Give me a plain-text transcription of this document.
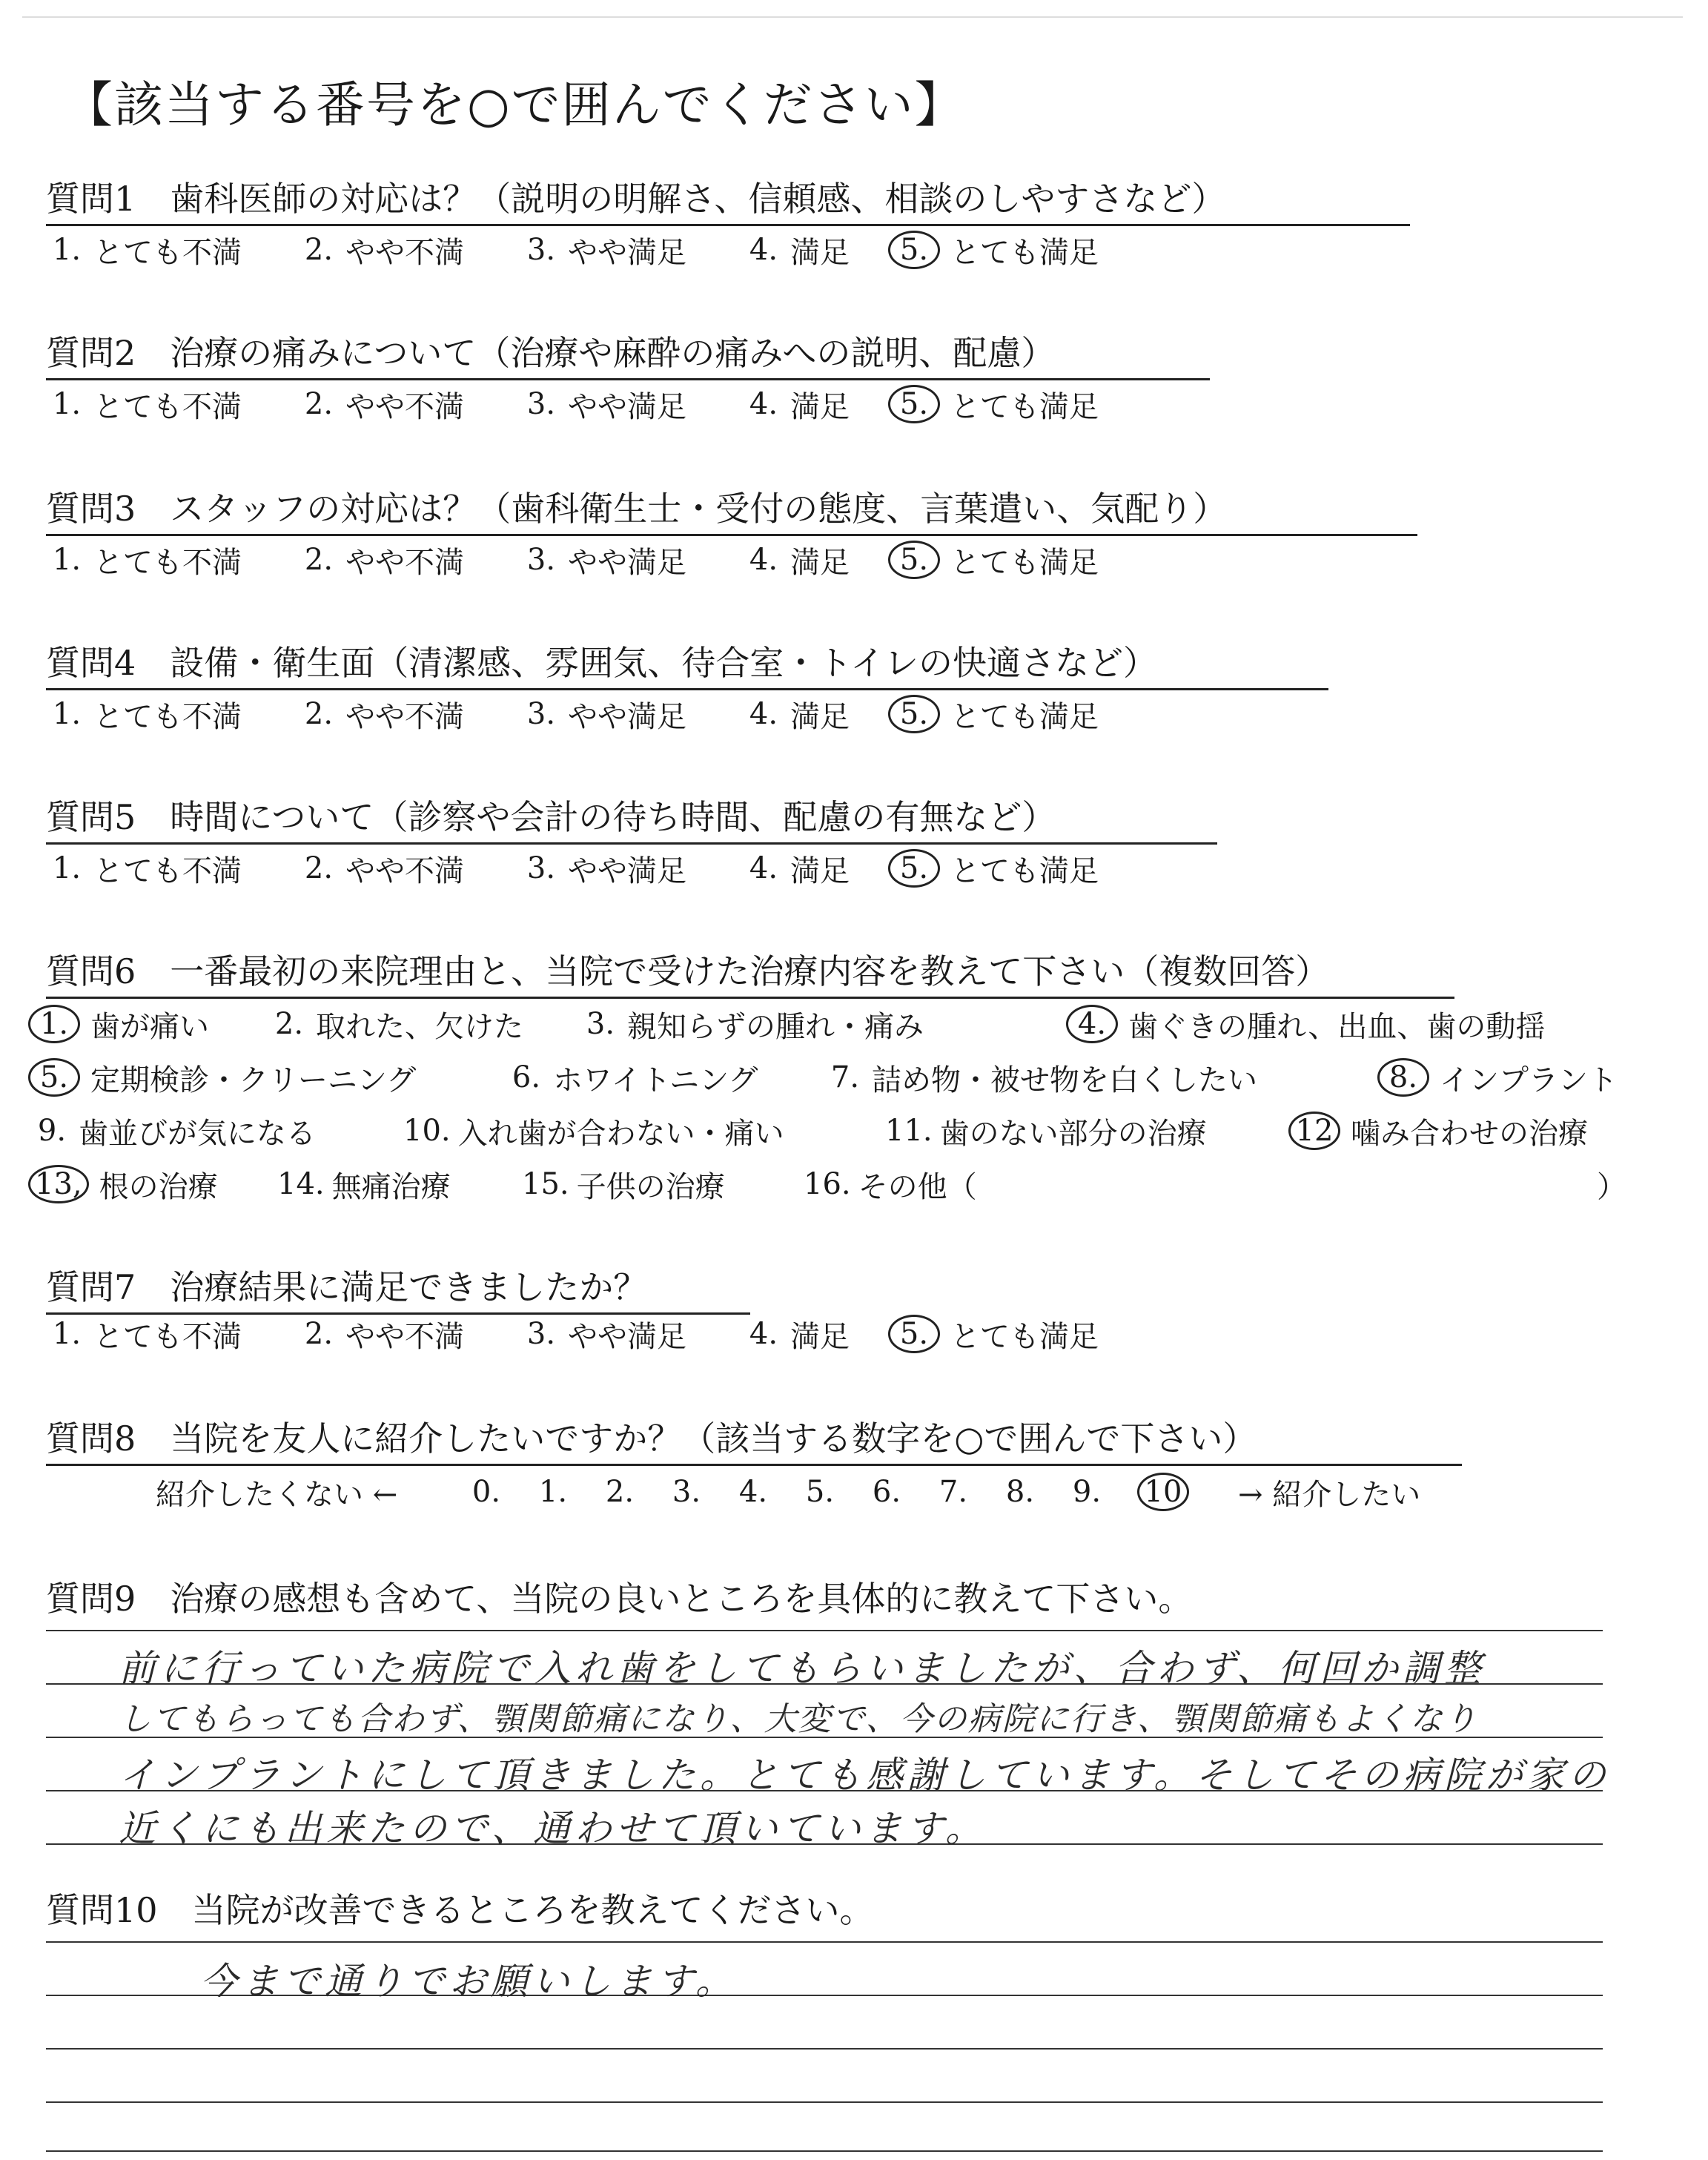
【該当する番号を○で囲んでください】
質問1　歯科医師の対応は？（説明の明解さ、信頼感、相談のしやすさなど）
1. とても不満 2. やや不満 3. やや満足 4. 満足	5. とても満足
質問2　治療の痛みについて（治療や麻酔の痛みへの説明、配慮）
1. とても不満 2. やや不満 3. やや満足 4. 満足	5. とても満足
質問3　スタッフの対応は？（歯科衛生士・受付の態度、言葉遣い、気配り）
1. とても不満 2. やや不満 3. やや満足 4. 満足	5. とても満足
質問4　設備・衛生面（清潔感、雰囲気、待合室・トイレの快適さなど）
1. とても不満 2. やや不満 3. やや満足 4. 満足	5. とても満足
質問5　時間について（診察や会計の待ち時間、配慮の有無など）
1. とても不満 2. やや不満 3. やや満足 4. 満足	5. とても満足
質問6　一番最初の来院理由と、当院で受けた治療内容を教えて下さい（複数回答）
1. 歯が痛い 2. 取れた、欠けた 3. 親知らずの腫れ・痛み	4. 歯ぐきの腫れ、出血、歯の動揺
5. 定期検診・クリーニング	6. ホワイトニング 7. 詰め物・被せ物を白くしたい	8. インプラント
9. 歯並びが気になる	10. 入れ歯が合わない・痛い	11. 歯のない部分の治療	12 噛み合わせの治療
13, 根の治療 14. 無痛治療 15. 子供の治療	16. その他（	）
質問7　治療結果に満足できましたか？
1. とても不満 2. やや不満 3. やや満足 4. 満足	5. とても満足
質問8　当院を友人に紹介したいですか？（該当する数字を○で囲んで下さい）
紹介したくない ←	0. 1. 2. 3. 4. 5. 6. 7. 8. 9. 10 → 紹介したい
質問9　治療の感想も含めて、当院の良いところを具体的に教えて下さい。
前に行っていた病院で入れ歯をしてもらいましたが、合わず、何回か調整
してもらっても合わず、顎関節痛になり、大変で、今の病院に行き、顎関節痛もよくなり
インプラントにして頂きました。とても感謝しています。そしてその病院が家の
近くにも出来たので、通わせて頂いています。
質問10　当院が改善できるところを教えてください。
今まで通りでお願いします。
